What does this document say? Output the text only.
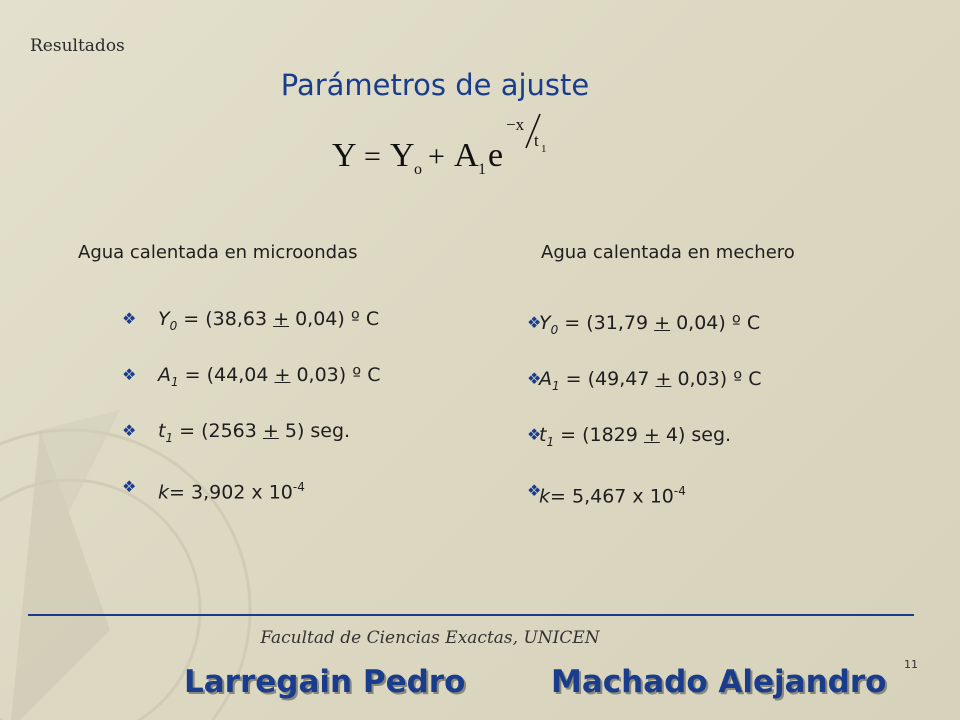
Resultados
Parámetros de ajuste
Y = Y o + A 1 e
−x
t 1
Agua calentada en microondas	Agua calentada en mechero
❖	$Y_0 = (38,63 + 0,04)$ º C
❖	$A_1 = (44,04 + 0,03)$ º C
❖	$t_1 = (2563 + 5)$ seg.
❖	k= 3,902 x $10^{-4}$
❖
$Y_0 = (31,79 + 0,04)$ º C
❖
$A_1 = (49,47 + 0,03)$ º C
❖
$t_1 = (1829 + 4)$ seg.
❖
k= 5,467 x $10^{-4}$
Facultad de Ciencias Exactas, UNICEN
Larregain Pedro	Machado Alejandro 11
